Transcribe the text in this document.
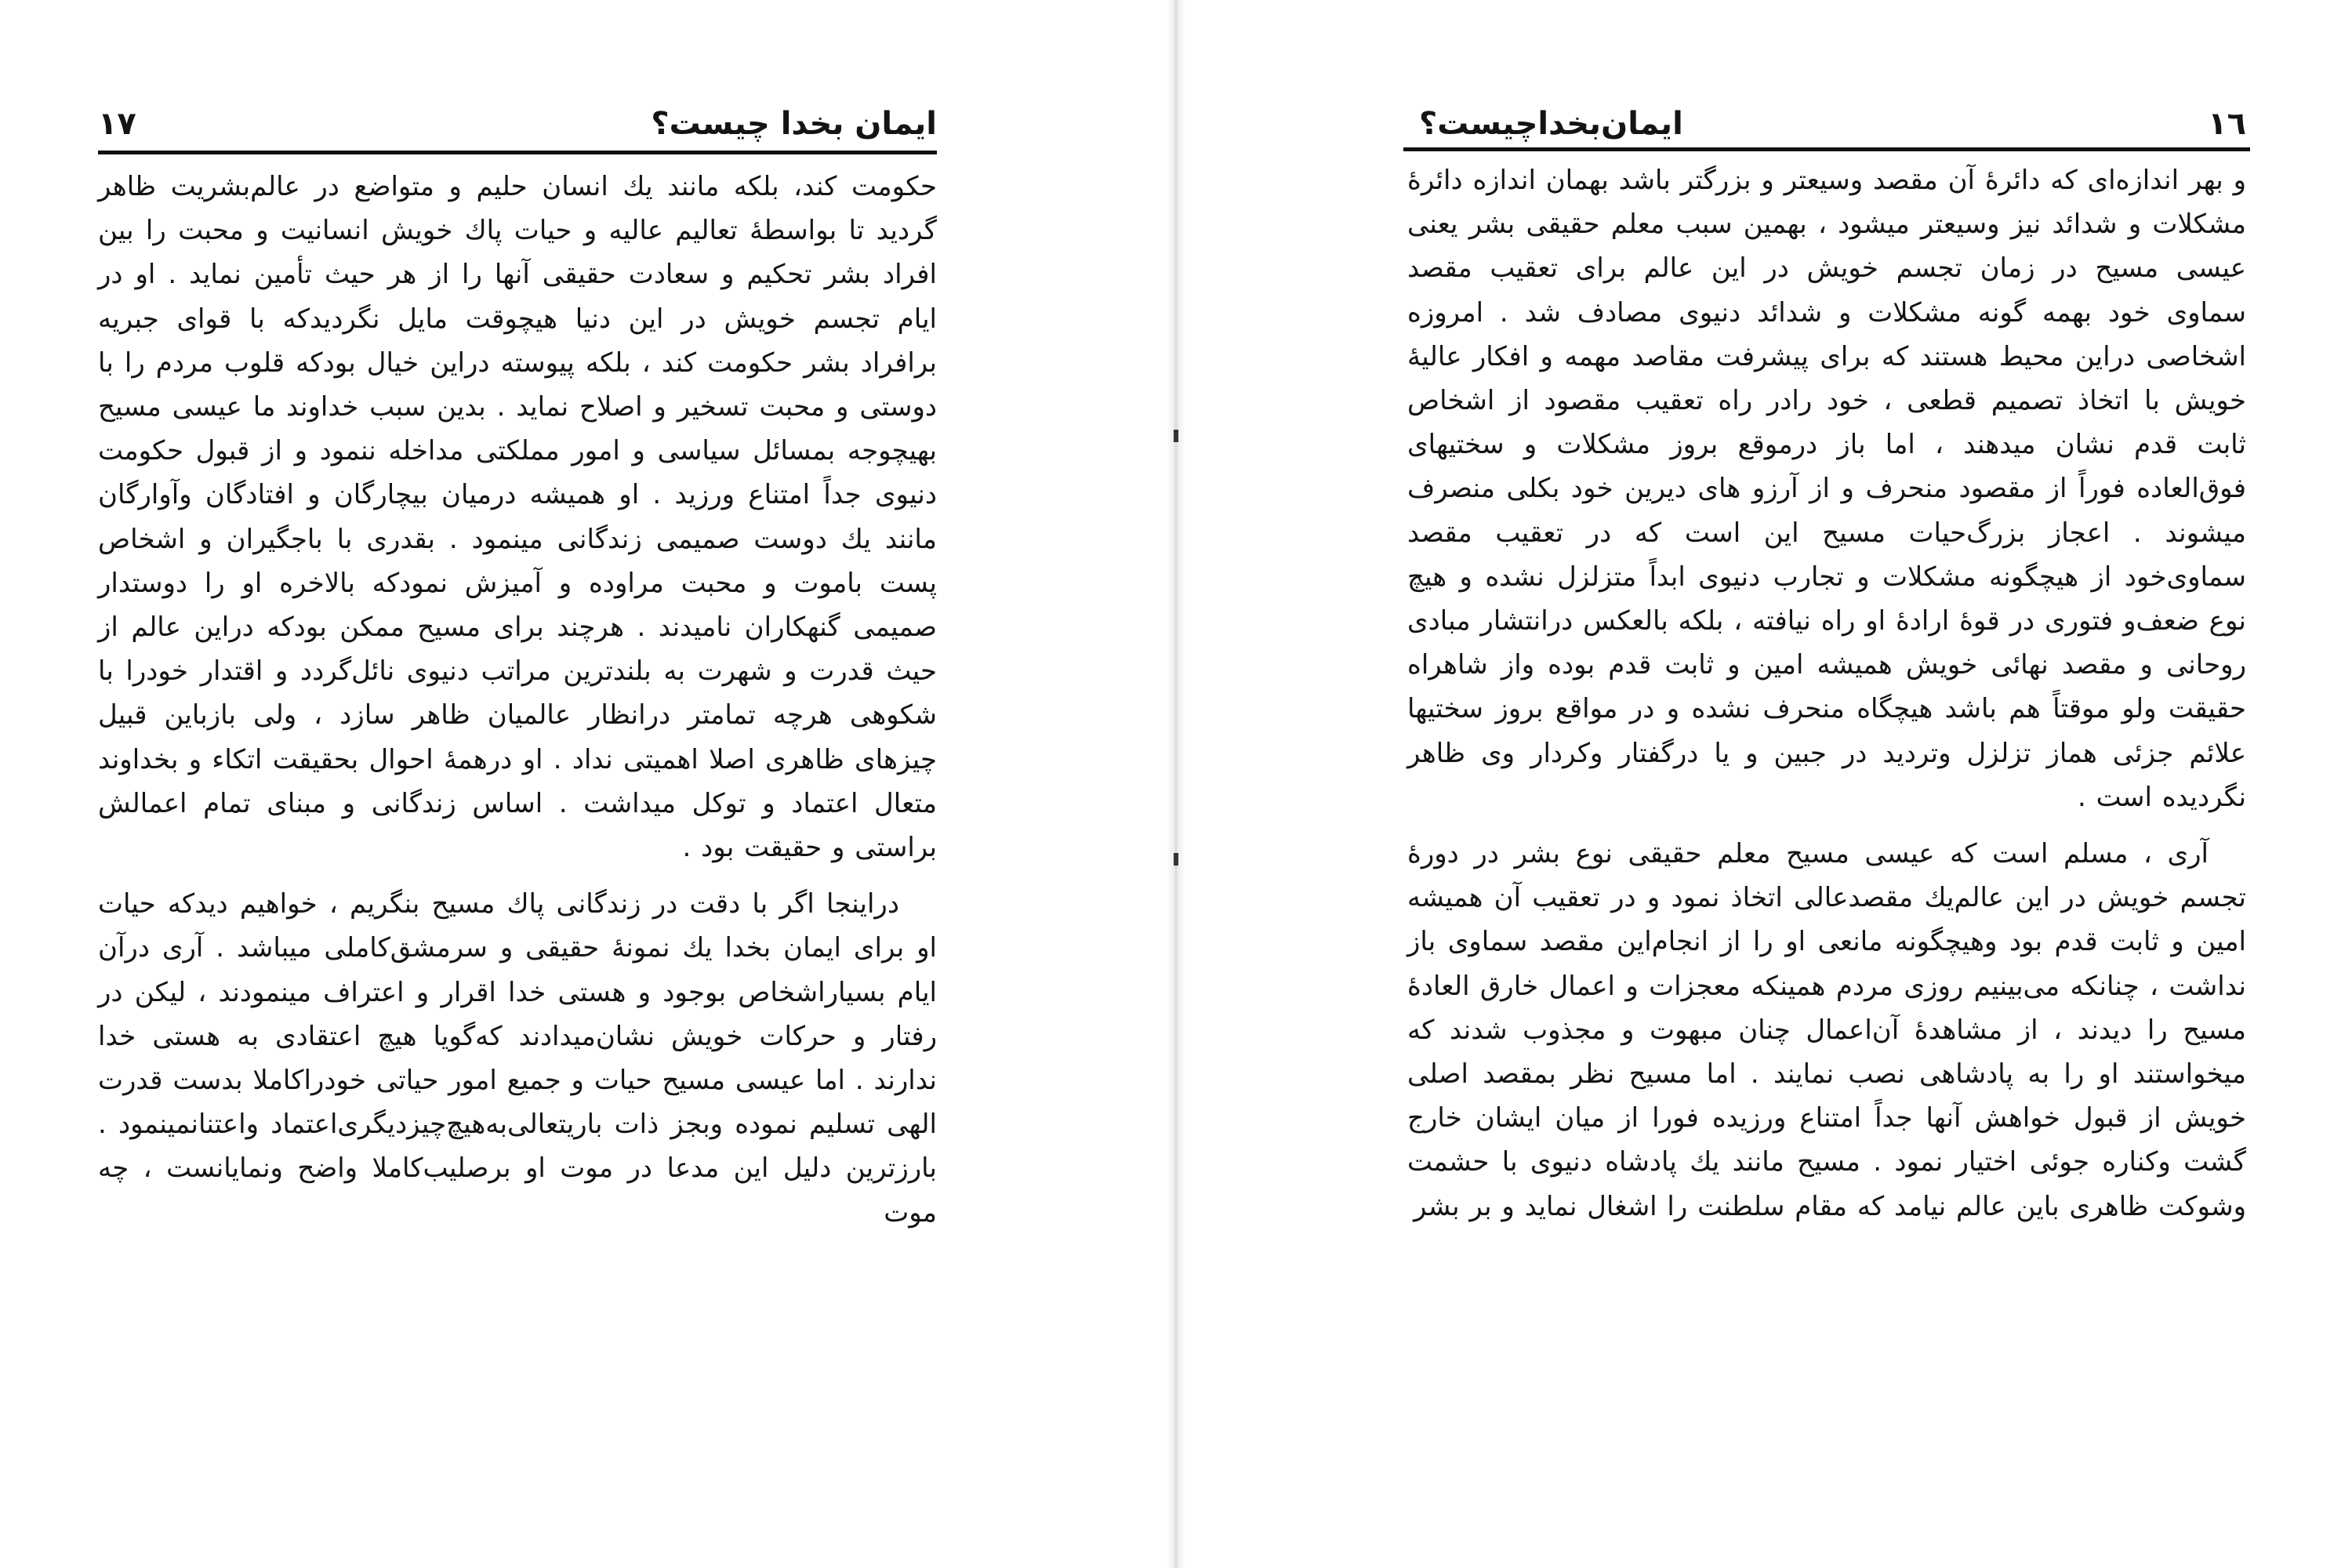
ایمان بخدا چیست؟
١٧

حکومت کند، بلکه مانند یك انسان حلیم و متواضع در عالم‌بشریت ظاهر گردید تا بواسطهٔ تعالیم عالیه و حیات پاك خویش انسانیت و محبت را بین افراد بشر تحکیم و سعادت حقیقی آنها را از هر حیث تأمین نماید . او در ایام تجسم خویش در این دنیا هیچوقت مایل نگردیدکه با قوای جبریه برافراد بشر حکومت کند ، بلکه پیوسته دراین خیال بودکه قلوب مردم را با دوستی و محبت تسخیر و اصلاح نماید . بدین سبب خداوند ما عیسی مسیح بهیچوجه بمسائل سیاسی و امور مملکتی مداخله ننمود و از قبول حکومت دنیوی جداً امتناع ورزید . او همیشه درمیان بیچارگان و افتادگان وآوارگان مانند یك دوست صمیمی زندگانی مینمود . بقدری با باجگیران و اشخاص پست باموت و محبت مراوده و آمیزش نمودکه بالاخره او را دوستدار صمیمی گنهکاران نامیدند . هرچند برای مسیح ممکن بودکه دراین عالم از حیث قدرت و شهرت به بلندترین مراتب دنیوی نائل‌گردد و اقتدار خودرا با شکوهی هرچه تمامتر درانظار عالمیان ظاهر سازد ، ولی بازباین قبیل چیزهای ظاهری اصلا اهمیتی نداد . او درهمهٔ احوال بحقیقت اتکاء و بخداوند متعال اعتماد و توکل میداشت . اساس زندگانی و مبنای تمام اعمالش براستی و حقیقت بود .

دراینجا اگر با دقت در زندگانی پاك مسیح بنگریم ، خواهیم دیدکه حیات او برای ایمان بخدا یك نمونهٔ حقیقی و سرمشق‌کاملی میباشد . آری درآن ایام بسیاراشخاص بوجود و هستی خدا اقرار و اعتراف مینمودند ، لیکن در رفتار و حرکات خویش نشان‌میدادند که‌گویا هیچ اعتقادی به هستی خدا ندارند . اما عیسی مسیح حیات و جمیع امور حیاتی خودراکاملا بدست قدرت الهی تسلیم نموده وبجز ذات باریتعالی‌به‌هیچ‌چیزدیگری‌اعتماد واعتنانمینمود . بارزترین دلیل این مدعا در موت او برصلیب‌کاملا واضح ونمایانست ، چه موت

ایمان‌بخداچیست؟	١٦

و بهر اندازه‌ای که دائرهٔ آن مقصد وسیعتر و بزرگتر باشد بهمان اندازه دائرهٔ مشکلات و شدائد نیز وسیعتر میشود ، بهمین سبب معلم حقیقی بشر یعنی عیسی مسیح در زمان تجسم خویش در این عالم برای تعقیب مقصد سماوی خود بهمه گونه مشکلات و شدائد دنیوی مصادف شد . امروزه اشخاصی دراین محیط هستند که برای پیشرفت مقاصد مهمه و افکار عالیهٔ خویش با اتخاذ تصمیم قطعی ، خود رادر راه تعقیب مقصود از اشخاص ثابت قدم نشان میدهند ، اما باز درموقع بروز مشکلات و سختیهای فوق‌العاده فوراً از مقصود منحرف و از آرزو های دیرین خود بکلی منصرف میشوند . اعجاز بزرگ‌حیات مسیح این است که در تعقیب مقصد سماوی‌خود از هیچگونه مشکلات و تجارب دنیوی ابداً متزلزل نشده و هیچ نوع ضعف‌و فتوری در قوهٔ ارادهٔ او راه نیافته ، بلکه بالعکس درانتشار مبادی روحانی و مقصد نهائی خویش همیشه امین و ثابت قدم بوده واز شاهراه حقیقت ولو موقتاً هم باشد هیچگاه منحرف نشده و در مواقع بروز سختیها علائم جزئی هماز تزلزل وتردید در جبین و یا درگفتار وکردار وی ظاهر نگردیده است .

آری ، مسلم است که عیسی مسیح معلم حقیقی نوع بشر در دورهٔ تجسم خویش در این عالم‌یك مقصدعالی اتخاذ نمود و در تعقیب آن همیشه امین و ثابت قدم بود وهیچگونه مانعی او را از انجام‌این مقصد سماوی باز نداشت ، چنانکه می‌بینیم روزی مردم همینکه معجزات و اعمال خارق العادهٔ مسیح را دیدند ، از مشاهدهٔ آن‌اعمال چنان مبهوت و مجذوب شدند که میخواستند او را به پادشاهی نصب نمایند . اما مسیح نظر بمقصد اصلی خویش از قبول خواهش آنها جداً امتناع ورزیده فورا از میان ایشان خارج گشت وکناره جوئی اختیار نمود . مسیح مانند یك پادشاه دنیوی با حشمت وشوکت ظاهری باین عالم نیامد که مقام سلطنت را اشغال نماید و بر بشر
